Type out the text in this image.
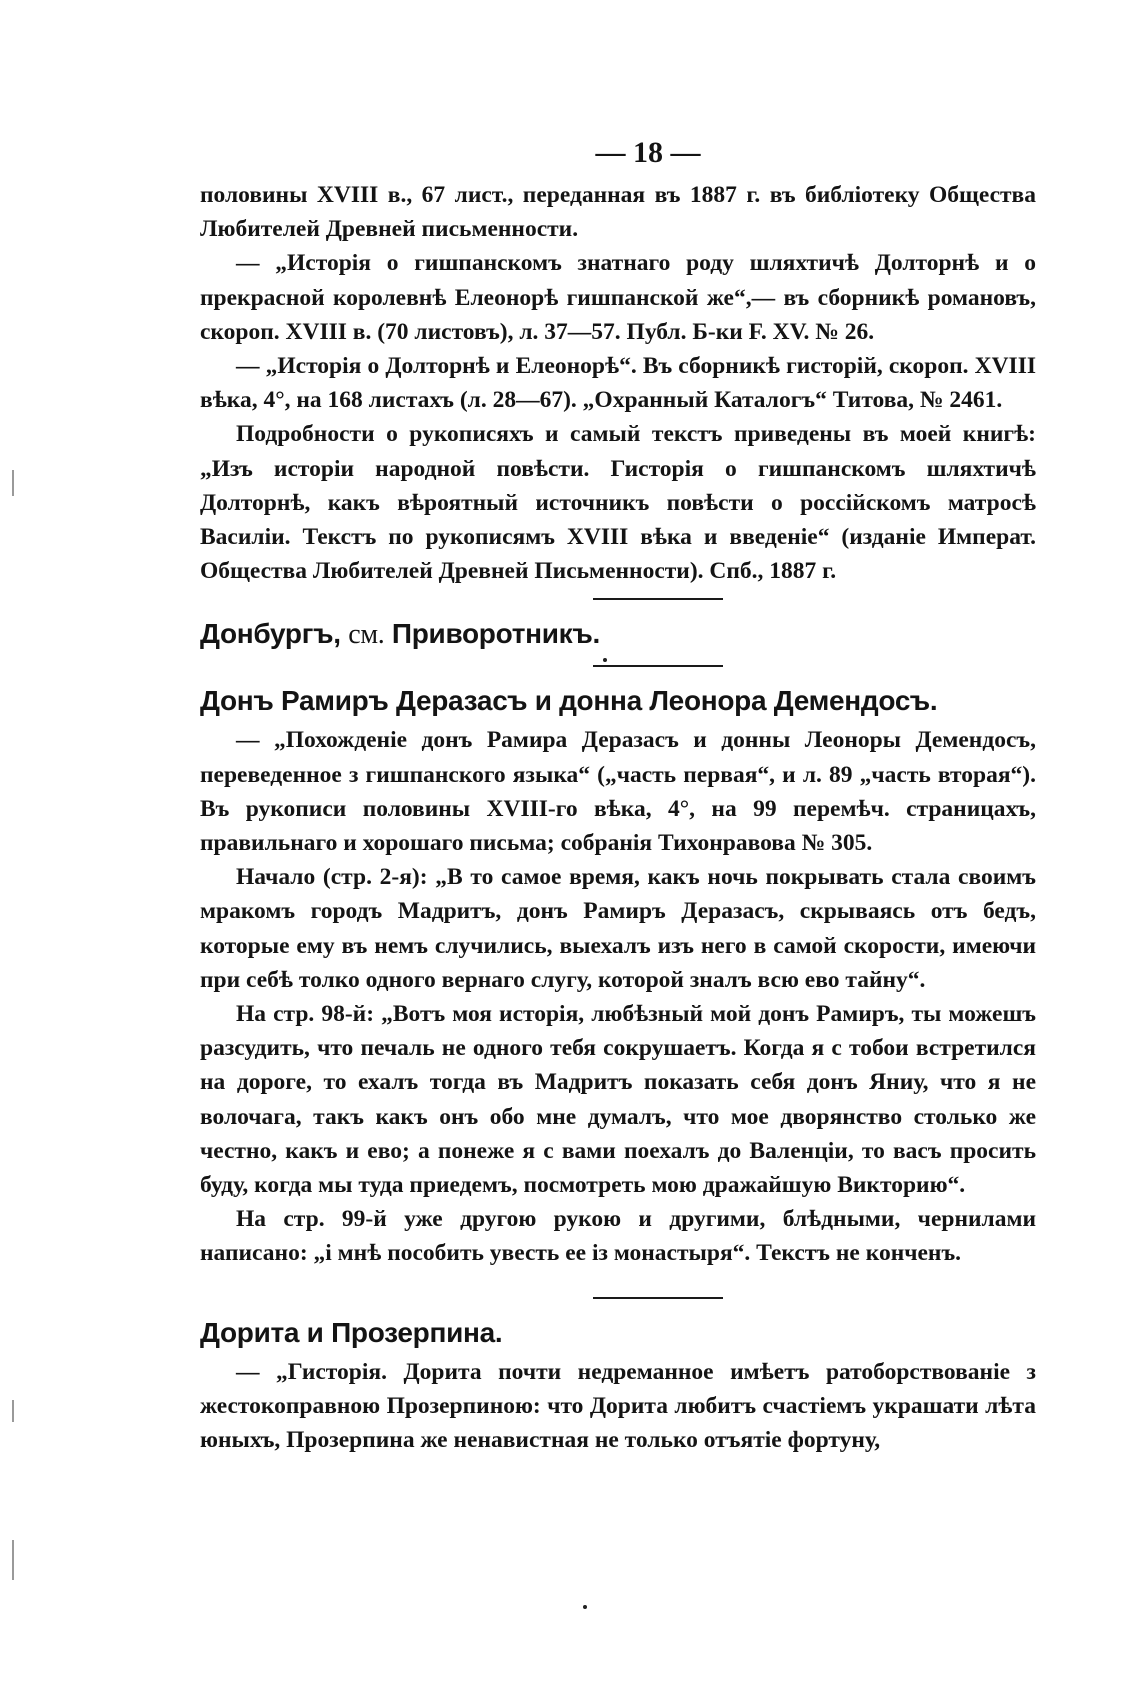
— 18 —

половины XVIII в., 67 лист., переданная въ 1887 г. въ библіотеку Общества Любителей Древней письменности.

— „Исторія о гишпанскомъ знатнаго роду шляхтичѣ Долторнѣ и о прекрасной королевнѣ Елеонорѣ гишпанской же“,— въ сборникѣ романовъ, скороп. XVIII в. (70 листовъ), л. 37—57. Публ. Б-ки F. XV. № 26.

— „Исторія о Долторнѣ и Елеонорѣ“. Въ сборникѣ гисторій, скороп. XVIII вѣка, 4°, на 168 листахъ (л. 28—67). „Охранный Каталогъ“ Титова, № 2461.

Подробности о рукописяхъ и самый текстъ приведены въ моей книгѣ: „Изъ исторіи народной повѣсти. Гисторія о гишпанскомъ шляхтичѣ Долторнѣ, какъ вѣроятный источникъ повѣсти о россійскомъ матросѣ Василіи. Текстъ по рукописямъ XVIII вѣка и введеніе“ (изданіе Императ. Общества Любителей Древней Письменности). Спб., 1887 г.

Донбургъ, см. Приворотникъ.
Донъ Рамиръ Деразасъ и донна Леонора Демендосъ.

— „Похожденіе донъ Рамира Деразасъ и донны Леоноры Демендосъ, переведенное з гишпанского языка“ („часть первая“, и л. 89 „часть вторая“). Въ рукописи половины XVIII-го вѣка, 4°, на 99 перемѣч. страницахъ, правильнаго и хорошаго письма; собранія Тихонравова № 305.

Начало (стр. 2-я): „В то самое время, какъ ночь покрывать стала своимъ мракомъ городъ Мадритъ, донъ Рамиръ Деразасъ, скрываясь отъ бедъ, которые ему въ немъ случились, выехалъ изъ него в самой скорости, имеючи при себѣ толко одного вернаго слугу, которой зналъ всю ево тайну“.

На стр. 98-й: „Вотъ моя исторія, любѣзный мой донъ Рамиръ, ты можешъ разсудить, что печаль не одного тебя сокрушаетъ. Когда я с тобои встретился на дороге, то ехалъ тогда въ Мадритъ показать себя донъ Яниу, что я не волочага, такъ какъ онъ обо мне думалъ, что мое дворянство столько же честно, какъ и ево; а понеже я с вами поехалъ до Валенціи, то васъ просить буду, когда мы туда приедемъ, посмотреть мою дражайшую Викторию“.

На стр. 99-й уже другою рукою и другими, блѣдными, чернилами написано: „і мнѣ пособить увесть ее із монастыря“. Текстъ не конченъ.

Дорита и Прозерпина.

— „Гисторія. Дорита почти недреманное имѣетъ ратоборствованіе з жестокоправною Прозерпиною: что Дорита любитъ счастіемъ украшати лѣта юныхъ, Прозерпина же ненавистная не только отъятіе фортуну,
